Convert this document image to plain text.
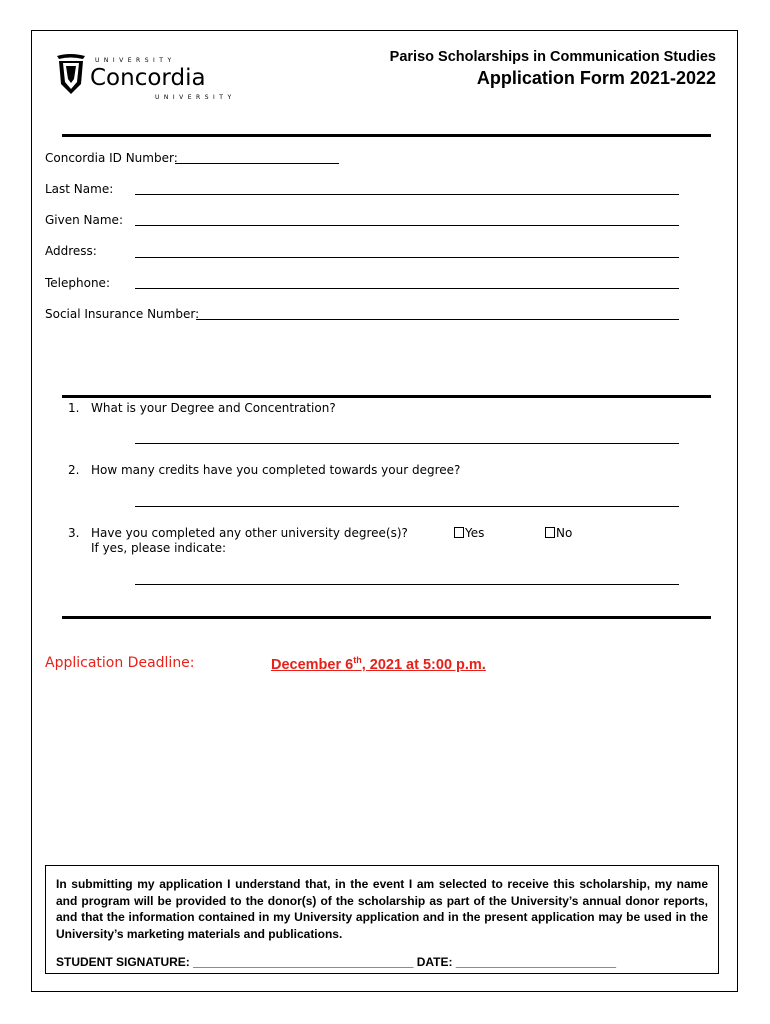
UNIVERSITY
Concordia
UNIVERSITY
Pariso Scholarships in Communication Studies
Application Form 2021-2022
Concordia ID Number:
Last Name:
Given Name:
Address:
Telephone:
Social Insurance Number:
1. What is your Degree and Concentration?
2. How many credits have you completed towards your degree?
3. Have you completed any other university degree(s)?
If yes, please indicate:
Yes	No
Application Deadline:	December 6th, 2021 at 5:00 p.m.
In submitting my application I understand that, in the event I am selected to receive this scholarship, my name and program will be provided to the donor(s) of the scholarship as part of the University’s annual donor reports, and that the information contained in my University application and in the present application may be used in the University’s marketing materials and publications.
STUDENT SIGNATURE: _________________________________ DATE: ________________________
